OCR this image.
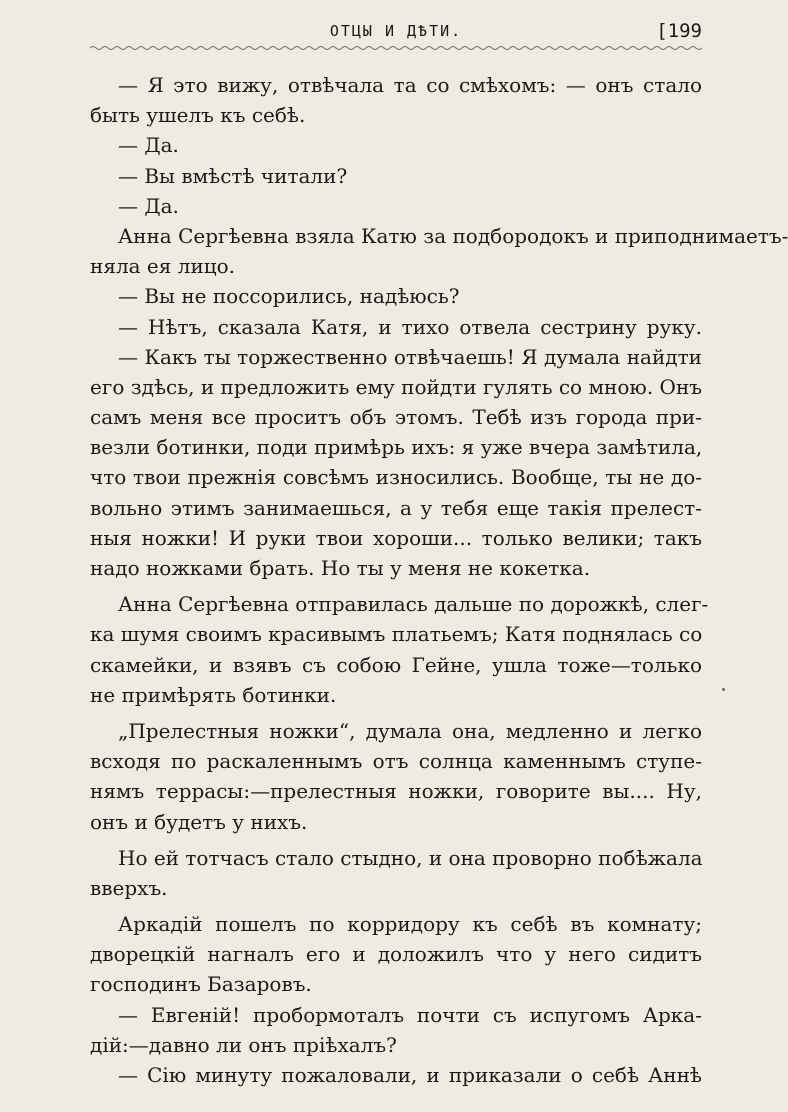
ОТЦЫ И ДѢТИ.	[199
— Я это вижу, отвѣчала та со смѣхомъ: — онъ стало
быть ушелъ къ себѣ.
— Да.
— Вы вмѣстѣ читали?
— Да.
Анна Сергѣевна взяла Катю за подбородокъ и приподнимаетъ-
няла ея лицо.
— Вы не поссорились, надѣюсь?
— Нѣтъ, сказала Катя, и тихо отвела сестрину руку.
— Какъ ты торжественно отвѣчаешь! Я думала найдти
его здѣсь, и предложить ему пойдти гулять со мною. Онъ
самъ меня все проситъ объ этомъ. Тебѣ изъ города при-
везли ботинки, поди примѣрь ихъ: я уже вчера замѣтила,
что твои прежнія совсѣмъ износились. Вообще, ты не до-
вольно этимъ занимаешься, а у тебя еще такія прелест-
ныя ножки! И руки твои хороши... только велики; такъ
надо ножками брать. Но ты у меня не кокетка.
Анна Сергѣевна отправилась дальше по дорожкѣ, слег-
ка шумя своимъ красивымъ платьемъ; Катя поднялась со
скамейки, и взявъ съ собою Гейне, ушла тоже—только
не примѣрять ботинки.
„Прелестныя ножки“, думала она, медленно и легко
всходя по раскаленнымъ отъ солнца каменнымъ ступе-
нямъ террасы:—прелестныя ножки, говорите вы.... Ну,
онъ и будетъ у нихъ.
Но ей тотчасъ стало стыдно, и она проворно побѣжала
вверхъ.
Аркадій пошелъ по корридору къ себѣ въ комнату;
дворецкій нагналъ его и доложилъ что у него сидитъ
господинъ Базаровъ.
— Евгеній! пробормоталъ почти съ испугомъ Арка-
дій:—давно ли онъ пріѣхалъ?
— Сію минуту пожаловали, и приказали о себѣ Аннѣ
